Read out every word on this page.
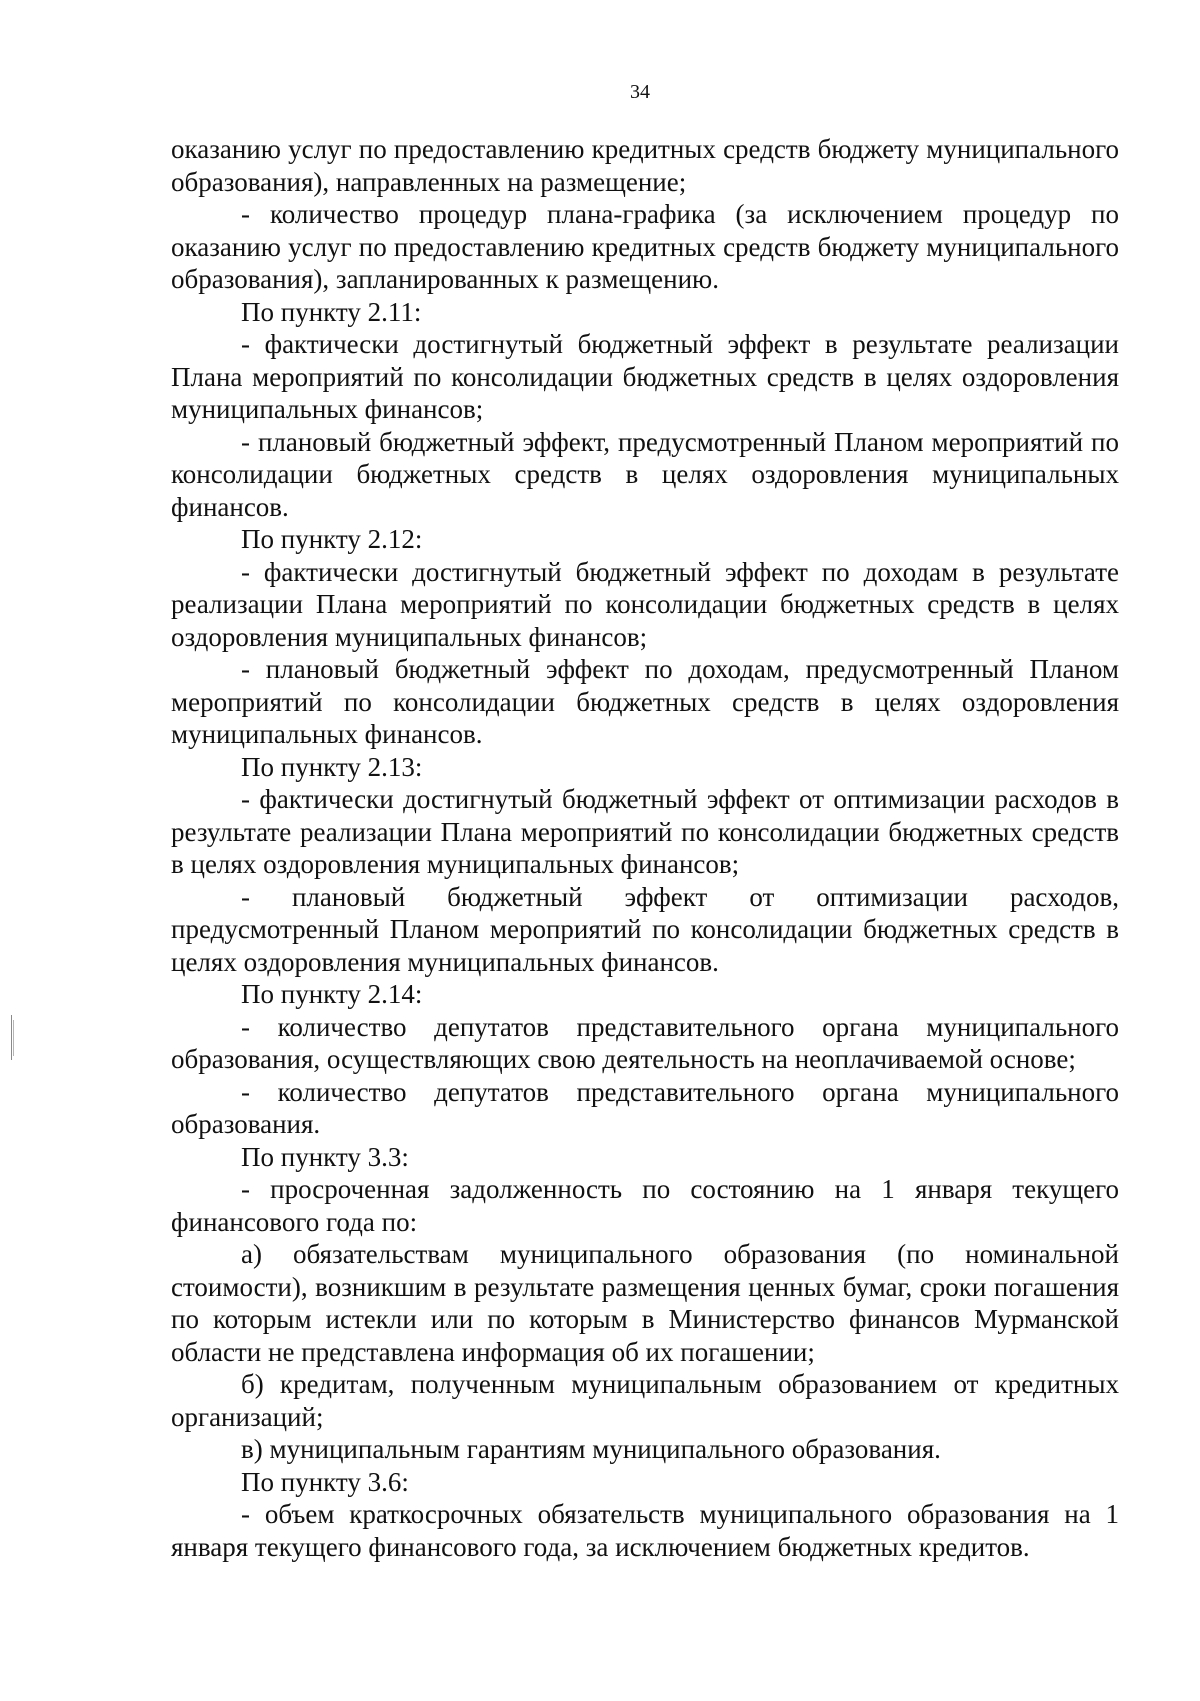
34

оказанию услуг по предоставлению кредитных средств бюджету муниципального образования), направленных на размещение;

- количество процедур плана-графика (за исключением процедур по оказанию услуг по предоставлению кредитных средств бюджету муниципального образования), запланированных к размещению.

По пункту 2.11:

- фактически достигнутый бюджетный эффект в результате реализации Плана мероприятий по консолидации бюджетных средств в целях оздоровления муниципальных финансов;

- плановый бюджетный эффект, предусмотренный Планом мероприятий по консолидации бюджетных средств в целях оздоровления муниципальных финансов.

По пункту 2.12:

- фактически достигнутый бюджетный эффект по доходам в результате реализации Плана мероприятий по консолидации бюджетных средств в целях оздоровления муниципальных финансов;

- плановый бюджетный эффект по доходам, предусмотренный Планом мероприятий по консолидации бюджетных средств в целях оздоровления муниципальных финансов.

По пункту 2.13:

- фактически достигнутый бюджетный эффект от оптимизации расходов в результате реализации Плана мероприятий по консолидации бюджетных средств в целях оздоровления муниципальных финансов;

- плановый бюджетный эффект от оптимизации расходов, предусмотренный Планом мероприятий по консолидации бюджетных средств в целях оздоровления муниципальных финансов.

По пункту 2.14:

- количество депутатов представительного органа муниципального образования, осуществляющих свою деятельность на неоплачиваемой основе;

- количество депутатов представительного органа муниципального образования.

По пункту 3.3:

- просроченная задолженность по состоянию на 1 января текущего финансового года по:

а) обязательствам муниципального образования (по номинальной стоимости), возникшим в результате размещения ценных бумаг, сроки погашения по которым истекли или по которым в Министерство финансов Мурманской области не представлена информация об их погашении;

б) кредитам, полученным муниципальным образованием от кредитных организаций;

в) муниципальным гарантиям муниципального образования.

По пункту 3.6:

- объем краткосрочных обязательств муниципального образования на 1 января текущего финансового года, за исключением бюджетных кредитов.
